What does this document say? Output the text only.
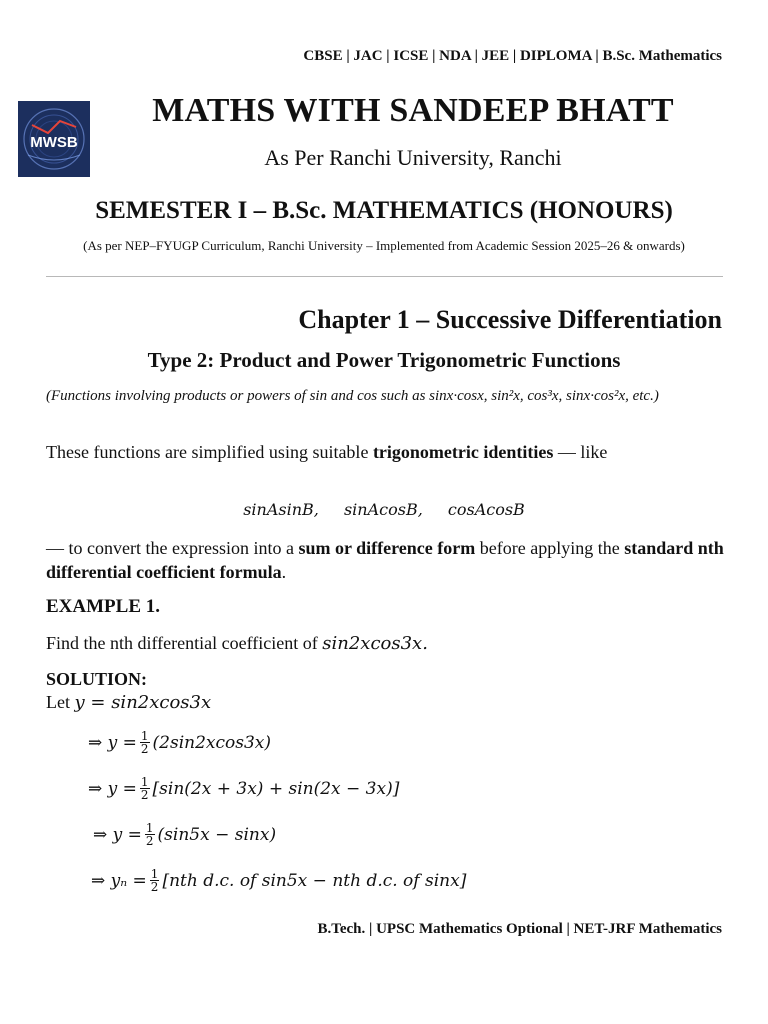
CBSE | JAC | ICSE | NDA | JEE | DIPLOMA | B.Sc. Mathematics
MWSB
MATHS WITH SANDEEP BHATT
As Per Ranchi University, Ranchi
SEMESTER I – B.Sc. MATHEMATICS (HONOURS)
(As per NEP–FYUGP Curriculum, Ranchi University – Implemented from Academic Session 2025–26 & onwards)
Chapter 1 – Successive Differentiation
Type 2: Product and Power Trigonometric Functions
(Functions involving products or powers of sin and cos such as sinx·cosx, sin²x, cos³x, sinx·cos²x, etc.)
These functions are simplified using suitable trigonometric identities — like
sinAsinB, sinAcosB, cosAcosB
— to convert the expression into a sum or difference form before applying the standard nth differential coefficient formula.
EXAMPLE 1.
Find the nth differential coefficient of sin2xcos3x.
SOLUTION:
Let y = sin2xcos3x
⇒ $y = \frac{1}{2} (2\sin 2xcos3x)$
⇒ $y = \frac{1}{2} [\sin(2x + 3x) + \sin(2x - 3x)]$
⇒ $y = \frac{1}{2} (\sin 5x - \sin x)$
⇒ $y_n = \frac{1}{2} [nth$ d.c. of sin5x − nth d.c. of sinx]
B.Tech. | UPSC Mathematics Optional | NET-JRF Mathematics
